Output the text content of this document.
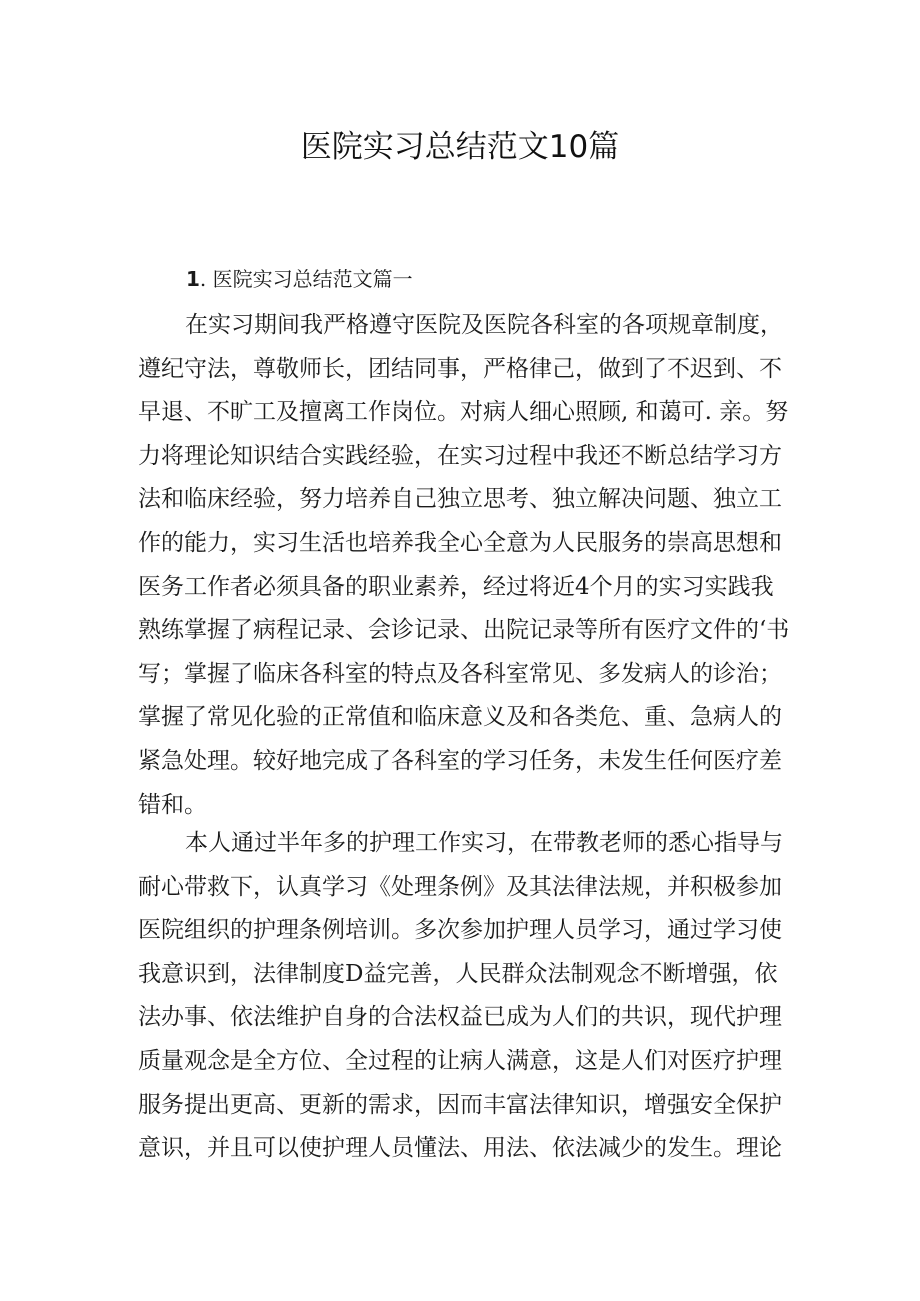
医院实习总结范文10篇
1. 医院实习总结范文篇一
在实习期间我严格遵守医院及医院各科室的各项规章制度，
遵纪守法，尊敬师长，团结同事，严格律己，做到了不迟到、不
早退、不旷工及擅离工作岗位。对病人细心照顾, 和蔼可. 亲。努
力将理论知识结合实践经验，在实习过程中我还不断总结学习方
法和临床经验，努力培养自己独立思考、独立解决问题、独立工
作的能力，实习生活也培养我全心全意为人民服务的崇高思想和
医务工作者必须具备的职业素养，经过将近4个月的实习实践我
熟练掌握了病程记录、会诊记录、出院记录等所有医疗文件的‘书
写；掌握了临床各科室的特点及各科室常见、多发病人的诊治；
掌握了常见化验的正常值和临床意义及和各类危、重、急病人的
紧急处理。较好地完成了各科室的学习任务，未发生任何医疗差
错和。
本人通过半年多的护理工作实习，在带教老师的悉心指导与
耐心带救下，认真学习《处理条例》及其法律法规，并积极参加
医院组织的护理条例培训。多次参加护理人员学习，通过学习使
我意识到，法律制度D益完善，人民群众法制观念不断增强，依
法办事、依法维护自身的合法权益已成为人们的共识，现代护理
质量观念是全方位、全过程的让病人满意，这是人们对医疗护理
服务提出更高、更新的需求，因而丰富法律知识，增强安全保护
意识，并且可以使护理人员懂法、用法、依法减少的发生。理论
